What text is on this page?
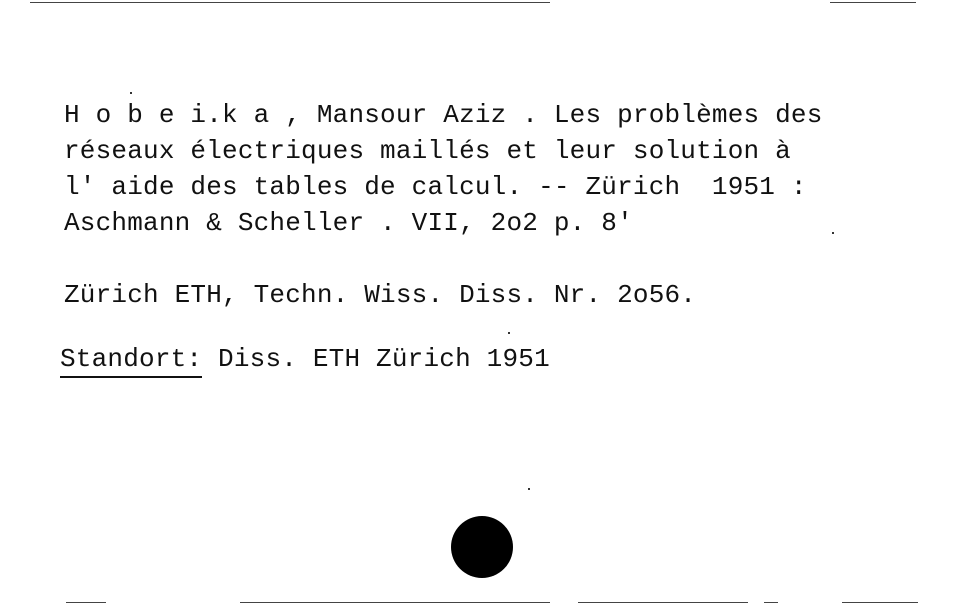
H o b e i.k a , Mansour Aziz . Les problèmes des
réseaux électriques maillés et leur solution à
l' aide des tables de calcul. -- Zürich  1951 :
Aschmann & Scheller . VII, 2o2 p. 8'
Zürich ETH, Techn. Wiss. Diss. Nr. 2o56.
Standort: Diss. ETH Zürich 1951
